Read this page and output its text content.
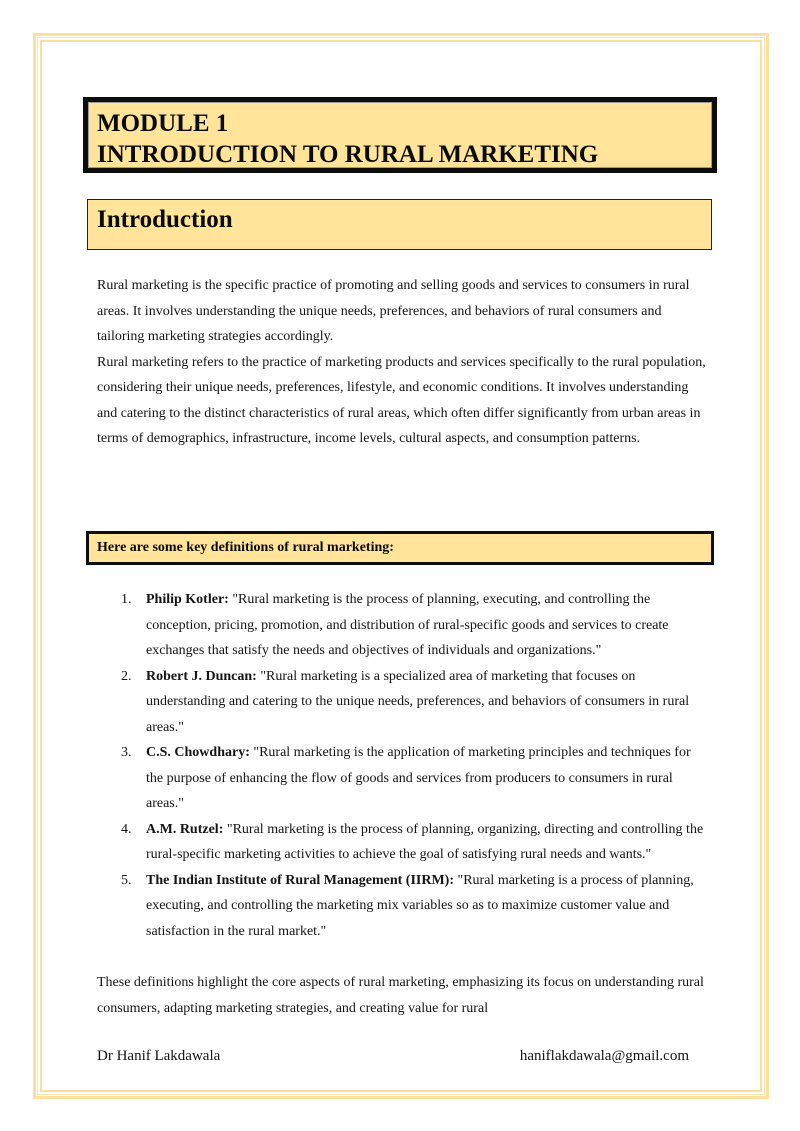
MODULE 1
INTRODUCTION TO RURAL MARKETING
Introduction

Rural marketing is the specific practice of promoting and selling goods and services to consumers in rural areas. It involves understanding the unique needs, preferences, and behaviors of rural consumers and tailoring marketing strategies accordingly.

Rural marketing refers to the practice of marketing products and services specifically to the rural population, considering their unique needs, preferences, lifestyle, and economic conditions. It involves understanding and catering to the distinct characteristics of rural areas, which often differ significantly from urban areas in terms of demographics, infrastructure, income levels, cultural aspects, and consumption patterns.

Here are some key definitions of rural marketing:
1. Philip Kotler: "Rural marketing is the process of planning, executing, and controlling the conception, pricing, promotion, and distribution of rural-specific goods and services to create exchanges that satisfy the needs and objectives of individuals and organizations."
2. Robert J. Duncan: "Rural marketing is a specialized area of marketing that focuses on understanding and catering to the unique needs, preferences, and behaviors of consumers in rural areas."
3. C.S. Chowdhary: "Rural marketing is the application of marketing principles and techniques for the purpose of enhancing the flow of goods and services from producers to consumers in rural areas."
4. A.M. Rutzel: "Rural marketing is the process of planning, organizing, directing and controlling the rural-specific marketing activities to achieve the goal of satisfying rural needs and wants."
5. The Indian Institute of Rural Management (IIRM): "Rural marketing is a process of planning, executing, and controlling the marketing mix variables so as to maximize customer value and satisfaction in the rural market."

These definitions highlight the core aspects of rural marketing, emphasizing its focus on understanding rural consumers, adapting marketing strategies, and creating value for rural

Dr Hanif Lakdawala	haniflakdawala@gmail.com
